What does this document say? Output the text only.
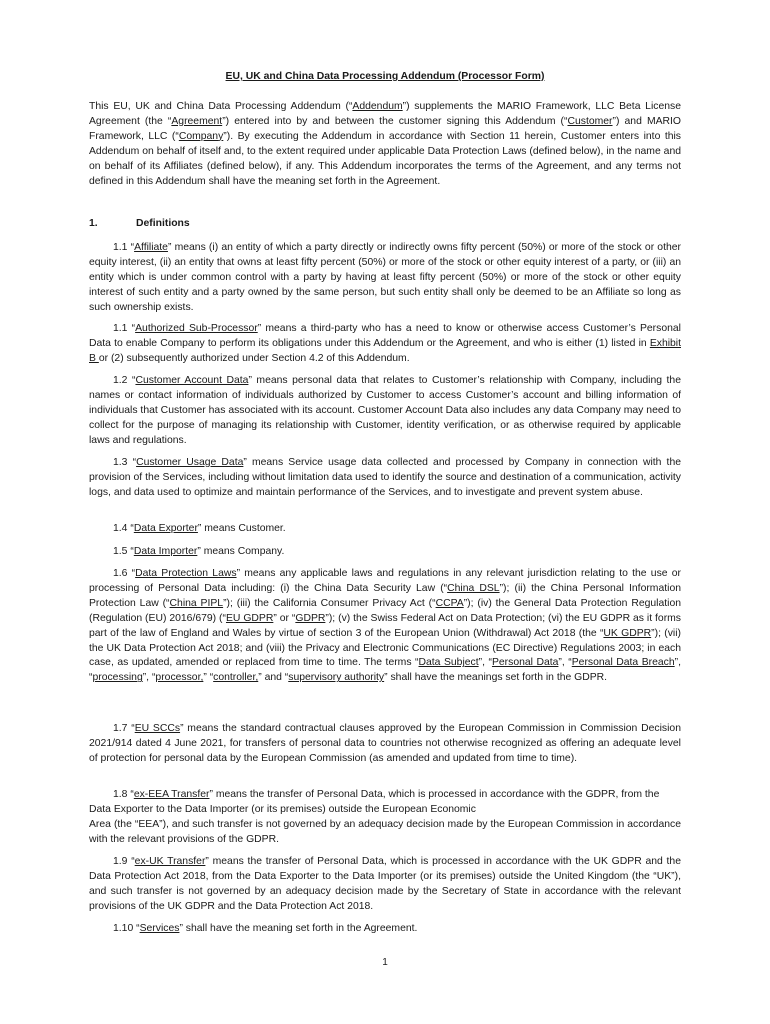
EU, UK and China Data Processing Addendum (Processor Form)

This EU, UK and China Data Processing Addendum (“Addendum”) supplements the MARIO Framework, LLC Beta License Agreement (the “Agreement”) entered into by and between the customer signing this Addendum (“Customer”) and MARIO Framework, LLC (“Company”). By executing the Addendum in accordance with Section 11 herein, Customer enters into this Addendum on behalf of itself and, to the extent required under applicable Data Protection Laws (defined below), in the name and on behalf of its Affiliates (defined below), if any. This Addendum incorporates the terms of the Agreement, and any terms not defined in this Addendum shall have the meaning set forth in the Agreement.

1.	Definitions

1.1 “Affiliate” means (i) an entity of which a party directly or indirectly owns fifty percent (50%) or more of the stock or other equity interest, (ii) an entity that owns at least fifty percent (50%) or more of the stock or other equity interest of a party, or (iii) an entity which is under common control with a party by having at least fifty percent (50%) or more of the stock or other equity interest of such entity and a party owned by the same person, but such entity shall only be deemed to be an Affiliate so long as such ownership exists.

1.1 “Authorized Sub-Processor” means a third-party who has a need to know or otherwise access Customer’s Personal Data to enable Company to perform its obligations under this Addendum or the Agreement, and who is either (1) listed in Exhibit B or (2) subsequently authorized under Section 4.2 of this Addendum.

1.2 “Customer Account Data” means personal data that relates to Customer’s relationship with Company, including the names or contact information of individuals authorized by Customer to access Customer’s account and billing information of individuals that Customer has associated with its account. Customer Account Data also includes any data Company may need to collect for the purpose of managing its relationship with Customer, identity verification, or as otherwise required by applicable laws and regulations.

1.3 “Customer Usage Data” means Service usage data collected and processed by Company in connection with the provision of the Services, including without limitation data used to identify the source and destination of a communication, activity logs, and data used to optimize and maintain performance of the Services, and to investigate and prevent system abuse.

1.4 “Data Exporter” means Customer.

1.5 “Data Importer” means Company.

1.6 “Data Protection Laws” means any applicable laws and regulations in any relevant jurisdiction relating to the use or processing of Personal Data including: (i) the China Data Security Law (“China DSL”); (ii) the China Personal Information Protection Law (“China PIPL”); (iii) the California Consumer Privacy Act (“CCPA”); (iv) the General Data Protection Regulation (Regulation (EU) 2016/679) (“EU GDPR” or “GDPR”); (v) the Swiss Federal Act on Data Protection; (vi) the EU GDPR as it forms part of the law of England and Wales by virtue of section 3 of the European Union (Withdrawal) Act 2018 (the “UK GDPR”); (vii) the UK Data Protection Act 2018; and (viii) the Privacy and Electronic Communications (EC Directive) Regulations 2003; in each case, as updated, amended or replaced from time to time. The terms “Data Subject”, “Personal Data”, “Personal Data Breach”, “processing”, “processor,” “controller,” and “supervisory authority” shall have the meanings set forth in the GDPR.

1.7 “EU SCCs” means the standard contractual clauses approved by the European Commission in Commission Decision 2021/914 dated 4 June 2021, for transfers of personal data to countries not otherwise recognized as offering an adequate level of protection for personal data by the European Commission (as amended and updated from time to time).

1.8 “ex-EEA Transfer” means the transfer of Personal Data, which is processed in accordance with the GDPR, from the Data Exporter to the Data Importer (or its premises) outside the European Economic

Area (the “EEA”), and such transfer is not governed by an adequacy decision made by the European Commission in accordance with the relevant provisions of the GDPR.

1.9 “ex-UK Transfer” means the transfer of Personal Data, which is processed in accordance with the UK GDPR and the Data Protection Act 2018, from the Data Exporter to the Data Importer (or its premises) outside the United Kingdom (the “UK”), and such transfer is not governed by an adequacy decision made by the Secretary of State in accordance with the relevant provisions of the UK GDPR and the Data Protection Act 2018.

1.10 “Services” shall have the meaning set forth in the Agreement.

1
